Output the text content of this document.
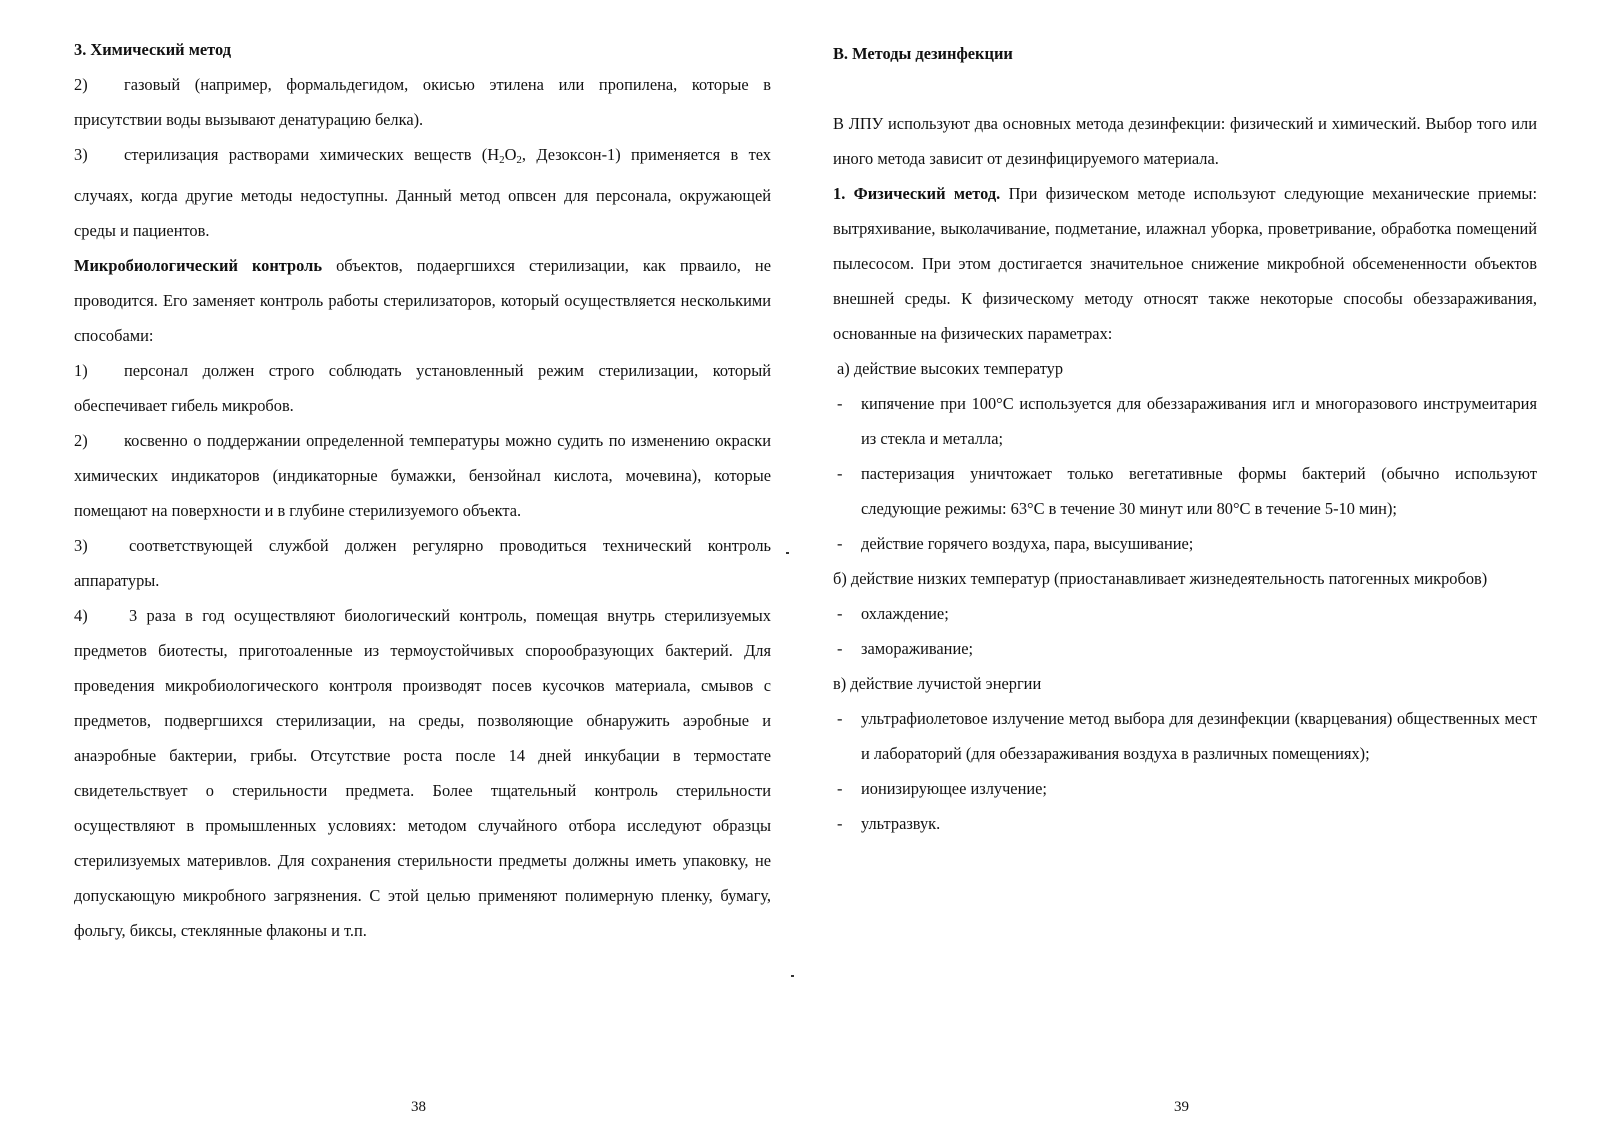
3. Химический метод

2) газовый (например, формальдегидом, окисью этилена или пропилена, которые в присутствии воды вызывают денатурацию белка).

3) стерилизация растворами химических веществ ($H_2O_2$, Дезоксон-1) применяется в тех случаях, когда другие методы недоступны. Данный метод опвсен для персонала, окружающей среды и пациентов.

Микробиологический контроль объектов, подаергшихся стерилизации, как прваило, не проводится. Его заменяет контроль работы стерилизаторов, который осуществляется несколькими способами:

1) персонал должен строго соблюдать установленный режим стерилизации, который обеспечивает гибель микробов.

2) косвенно о поддержании определенной температуры можно судить по изменению окраски химических индикаторов (индикаторные бумажки, бензойнал кислота, мочевина), которые помещают на поверхности и в глубине стерилизуемого объекта.

3)	соответствующей службой должен регулярно проводиться технический контроль аппаратуры.

4)	3 раза в год осуществляют биологический контроль, помещая внутрь стерилизуемых предметов биотесты, приготоаленные из термоустойчивых спорообразующих бактерий. Для проведения микробиологического контроля производят посев кусочков материала, смывов с предметов, подвергшихся стерилизации, на среды, позволяющие обнаружить аэробные и анаэробные бактерии, грибы. Отсутствие роста после 14 дней инкубации в термостате свидетельствует о стерильности предмета. Более тщательный контроль стерильности осуществляют в промышленных условиях: методом случайного отбора исследуют образцы стерилизуемых материвлов. Для сохранения стерильности предметы должны иметь упаковку, не допускающую микробного загрязнения. С этой целью применяют полимерную пленку, бумагу, фольгу, биксы, стеклянные флаконы и т.п.

38

В. Методы дезинфекции

В ЛПУ используют два основных метода дезинфекции: физический и химический. Выбор того или иного метода зависит от дезинфицируемого материала.

1. Физический метод. При физическом методе используют следующие механические приемы: вытряхивание, выколачивание, подметание, илажнал уборка, проветривание, обработка помещений пылесосом. При этом достигается значительное снижение микробной обсемененности объектов внешней среды. К физическому методу относят также некоторые способы обеззараживания, основанные на физических параметрах:

а) действие высоких температур

- кипячение при 100°С используется для обеззараживания игл и многоразового инструмеитария из стекла и металла;

- пастеризация уничтожает только вегетативные формы бактерий (обычно используют следующие режимы: 63°С в течение 30 минут или 80°С в течение 5-10 мин);

- действие горячего воздуха, пара, высушивание;

б) действие низких температур (приостанавливает жизнедеятельность патогенных микробов)

- охлаждение;

- замораживание;

в) действие лучистой энергии

- ультрафиолетовое излучение метод выбора для дезинфекции (кварцевания) общественных мест и лабораторий (для обеззараживания воздуха в различных помещениях);

- ионизирующее излучение;

- ультразвук.

39
